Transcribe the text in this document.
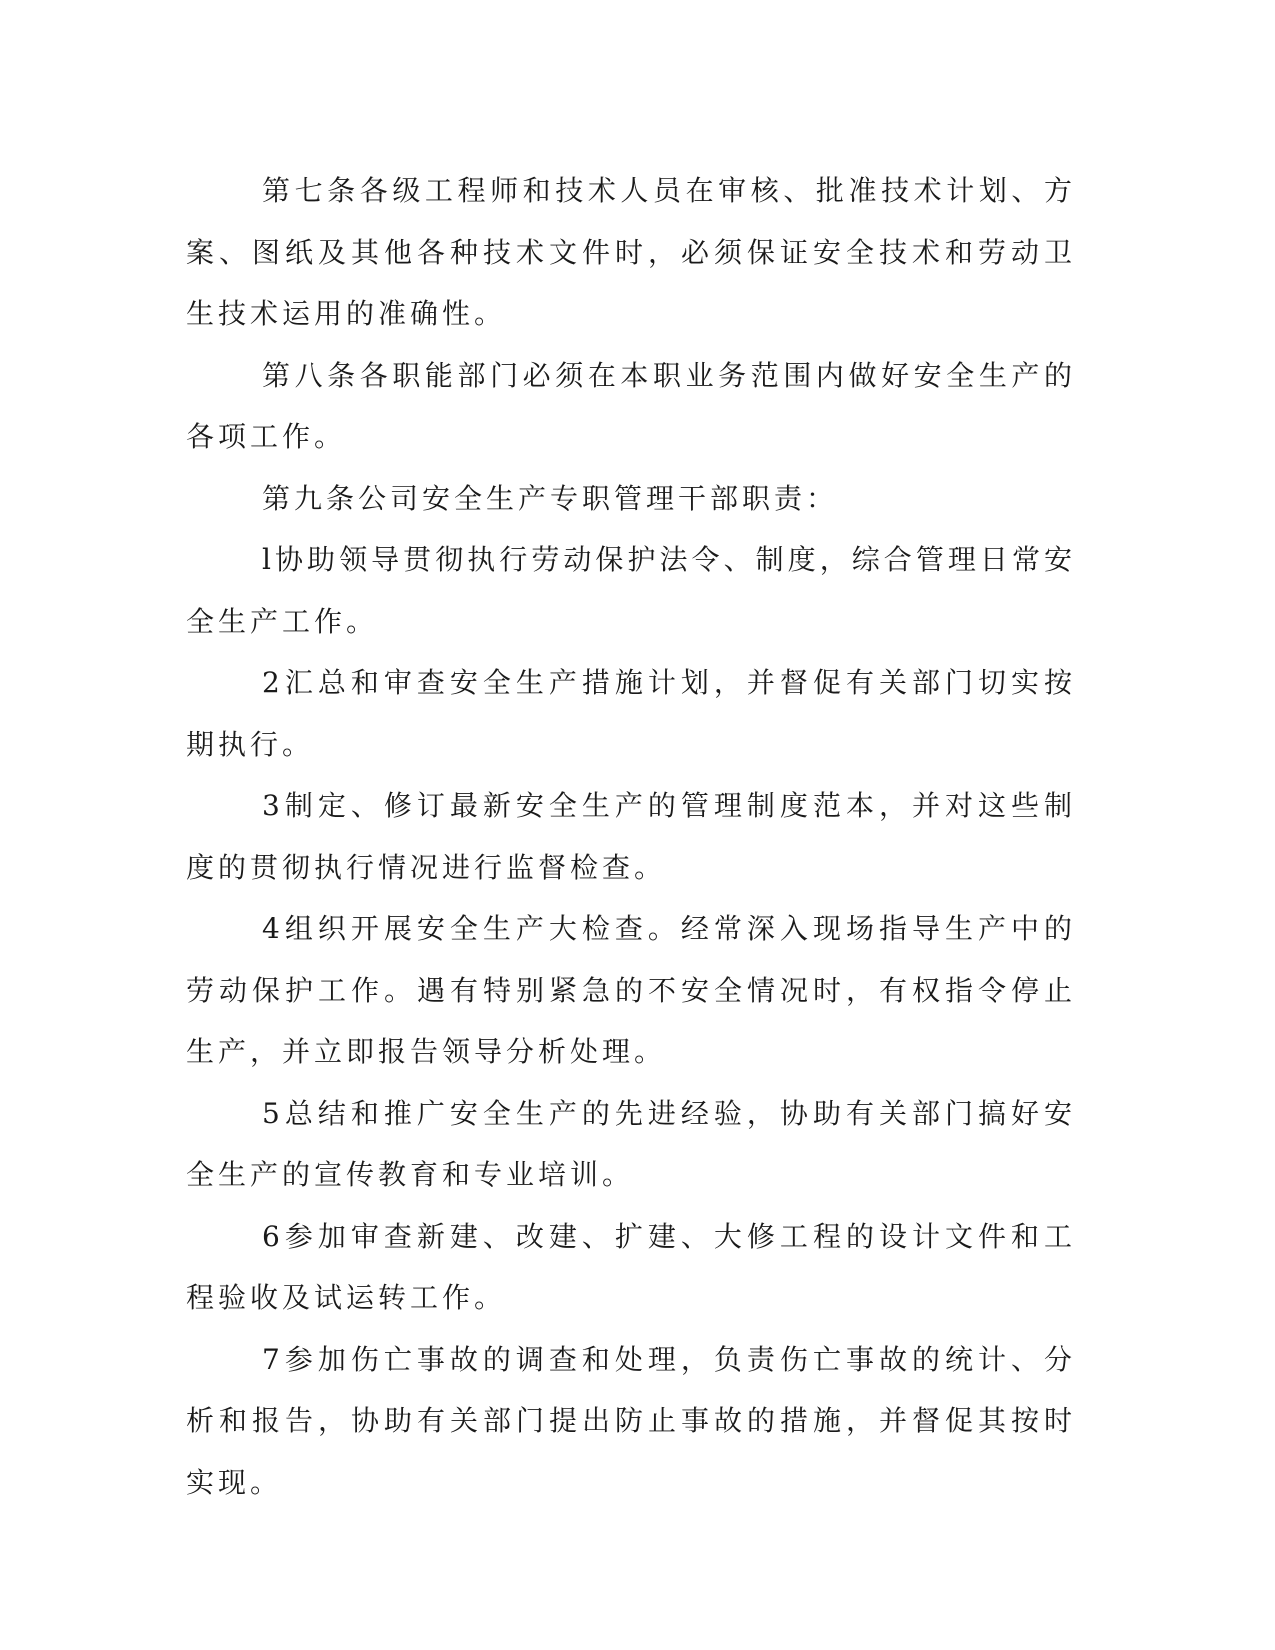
第七条各级工程师和技术人员在审核、批准技术计划、方案、图纸及其他各种技术文件时，必须保证安全技术和劳动卫生技术运用的准确性。

第八条各职能部门必须在本职业务范围内做好安全生产的各项工作。

第九条公司安全生产专职管理干部职责：

l协助领导贯彻执行劳动保护法令、制度，综合管理日常安全生产工作。

2汇总和审查安全生产措施计划，并督促有关部门切实按期执行。

3制定、修订最新安全生产的管理制度范本，并对这些制度的贯彻执行情况进行监督检查。

4组织开展安全生产大检查。经常深入现场指导生产中的劳动保护工作。遇有特别紧急的不安全情况时，有权指令停止生产，并立即报告领导分析处理。

5总结和推广安全生产的先进经验，协助有关部门搞好安全生产的宣传教育和专业培训。

6参加审查新建、改建、扩建、大修工程的设计文件和工程验收及试运转工作。

7参加伤亡事故的调查和处理，负责伤亡事故的统计、分析和报告，协助有关部门提出防止事故的措施，并督促其按时实现。
